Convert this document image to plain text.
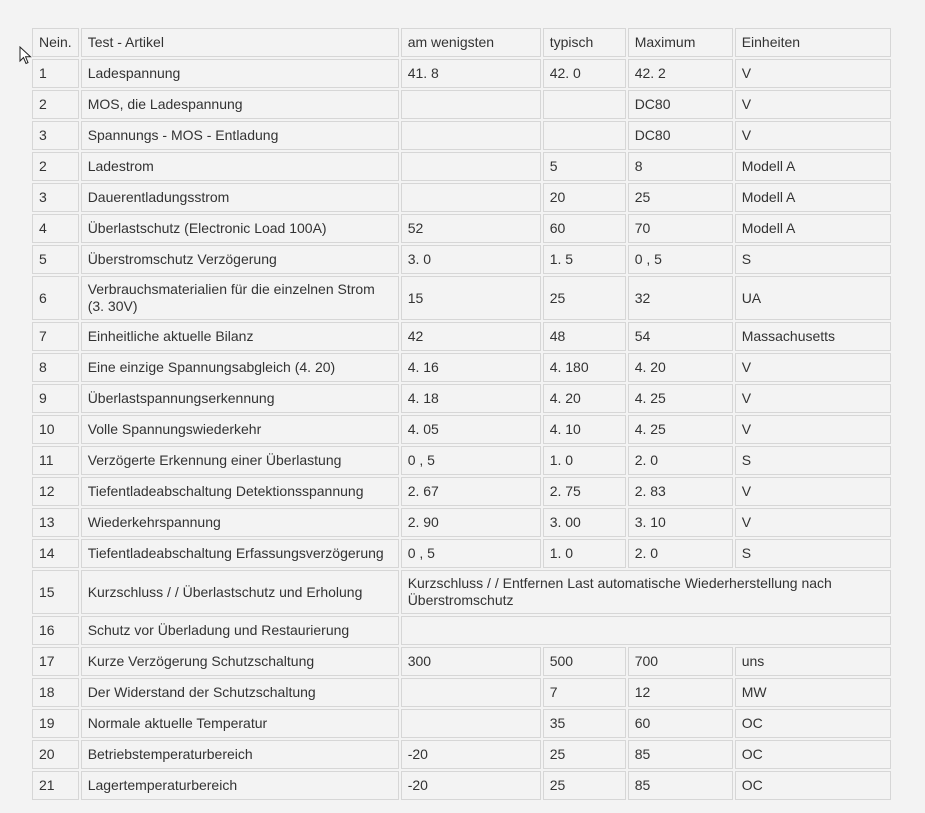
Nein.	Test - Artikel	am wenigsten	typisch	Maximum	Einheiten
1	Ladespannung	41. 8	42. 0	42. 2	V
2	MOS, die Ladespannung			DC80	V
3	Spannungs - MOS - Entladung			DC80	V
2	Ladestrom		5	8	Modell A
3	Dauerentladungsstrom		20	25	Modell A
4	Überlastschutz (Electronic Load 100A)	52	60	70	Modell A
5	Überstromschutz Verzögerung	3. 0	1. 5	0 , 5	S
6	Verbrauchsmaterialien für die einzelnen Strom (3. 30V)	15	25	32	UA
7	Einheitliche aktuelle Bilanz	42	48	54	Massachusetts
8	Eine einzige Spannungsabgleich (4. 20)	4. 16	4. 180	4. 20	V
9	Überlastspannungserkennung	4. 18	4. 20	4. 25	V
10	Volle Spannungswiederkehr	4. 05	4. 10	4. 25	V
11	Verzögerte Erkennung einer Überlastung	0 , 5	1. 0	2. 0	S
12	Tiefentladeabschaltung Detektionsspannung	2. 67	2. 75	2. 83	V
13	Wiederkehrspannung	2. 90	3. 00	3. 10	V
14	Tiefentladeabschaltung Erfassungsverzögerung	0 , 5	1. 0	2. 0	S
15	Kurzschluss / / Überlastschutz und Erholung	Kurzschluss / / Entfernen Last automatische Wiederherstellung nach Überstromschutz			
16	Schutz vor Überladung und Restaurierung				
17	Kurze Verzögerung Schutzschaltung	300	500	700	uns
18	Der Widerstand der Schutzschaltung		7	12	MW
19	Normale aktuelle Temperatur		35	60	OC
20	Betriebstemperaturbereich	-20	25	85	OC
21	Lagertemperaturbereich	-20	25	85	OC
